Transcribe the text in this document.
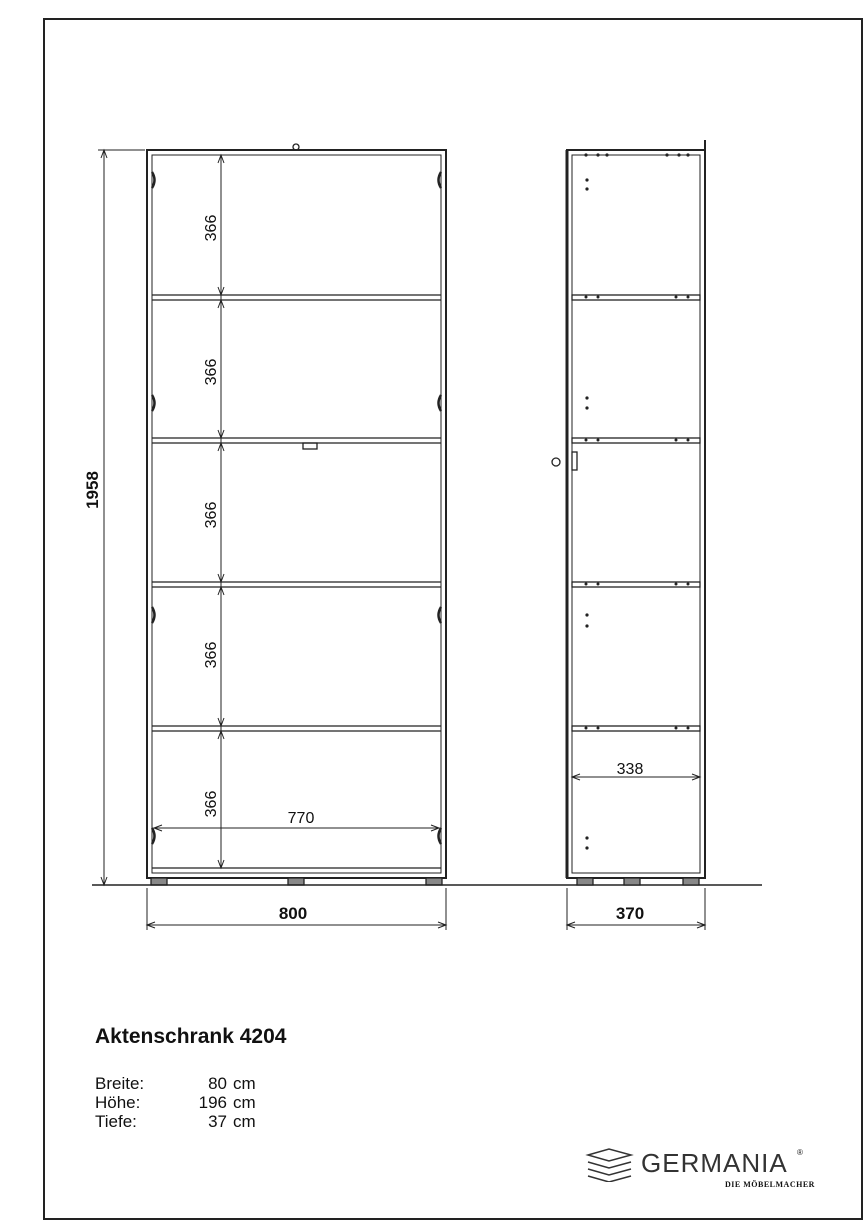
1958
366
366
366
366
366
770
800
338
370
Aktenschrank 4204
Breite:	80 cm
Höhe:	196 cm
Tiefe:	37 cm
GERMANIA ®
DIE MÖBELMACHER
